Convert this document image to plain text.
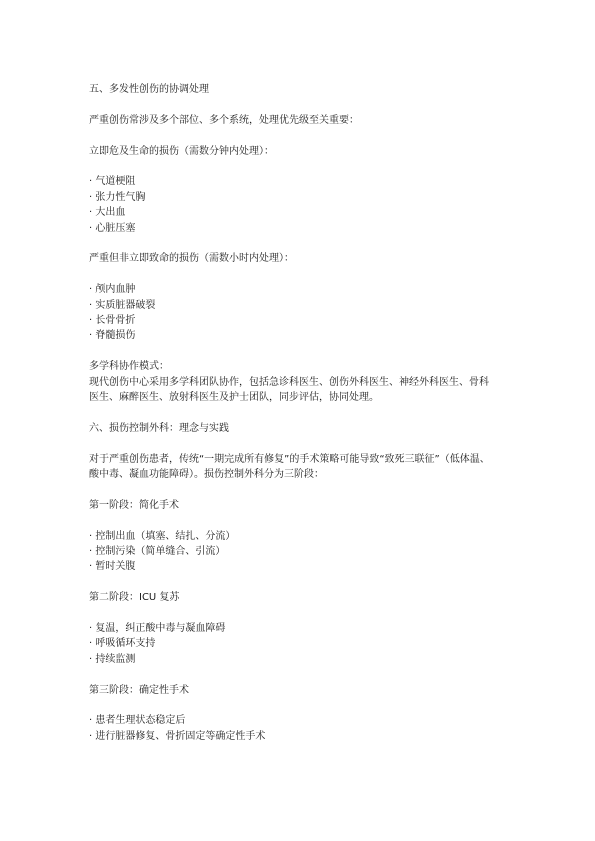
五、多发性创伤的协调处理

严重创伤常涉及多个部位、多个系统，处理优先级至关重要：

立即危及生命的损伤（需数分钟内处理）：

· 气道梗阻
· 张力性气胸
· 大出血
· 心脏压塞

严重但非立即致命的损伤（需数小时内处理）：

· 颅内血肿
· 实质脏器破裂
· 长骨骨折
· 脊髓损伤

多学科协作模式：

现代创伤中心采用多学科团队协作，包括急诊科医生、创伤外科医生、神经外科医生、骨科

医生、麻醉医生、放射科医生及护士团队，同步评估，协同处理。

六、损伤控制外科：理念与实践

对于严重创伤患者，传统“一期完成所有修复”的手术策略可能导致“致死三联征”（低体温、

酸中毒、凝血功能障碍）。损伤控制外科分为三阶段：

第一阶段：简化手术

· 控制出血（填塞、结扎、分流）
· 控制污染（简单缝合、引流）
· 暂时关腹

第二阶段：ICU 复苏

· 复温，纠正酸中毒与凝血障碍
· 呼吸循环支持
· 持续监测

第三阶段：确定性手术

· 患者生理状态稳定后
· 进行脏器修复、骨折固定等确定性手术
